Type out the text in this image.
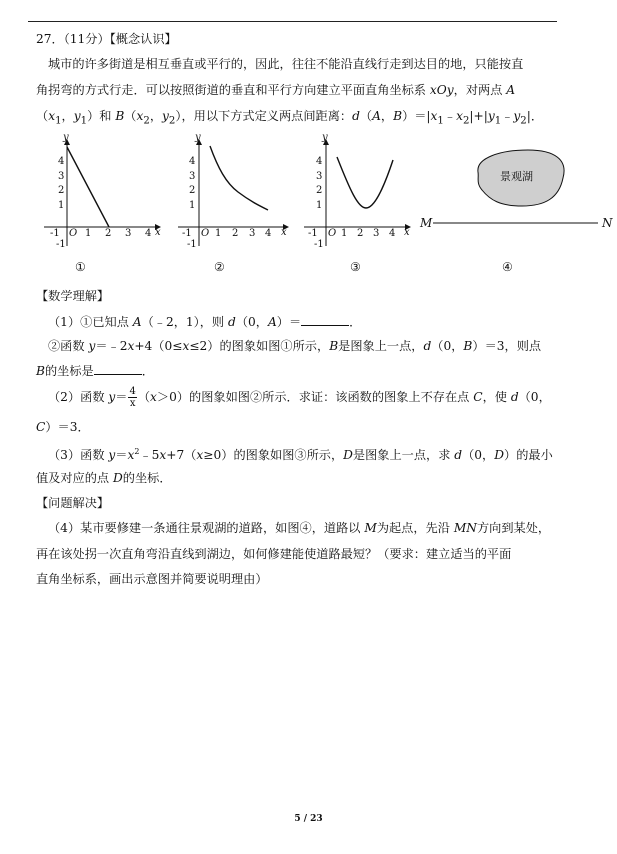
27．（11分）【概念认识】
城市的许多街道是相互垂直或平行的，因此，往往不能沿直线行走到达目的地，只能按直
角拐弯的方式行走．可以按照街道的垂直和平行方向建立平面直角坐标系 xOy，对两点 A
（$x_1$，$y_1$）和 $B(x_2$，$y_2$），用以下方式定义两点间距离：d（A，$B)=|x_1﹣x_2|+|y_1﹣y_2|$．
x
y
O
-1	1 2 3 4
4
3
2
1
-1
①
x
y
O
-1 1 2 3 4
4
3
2
1
-1
②
x
y
O
-1 1 2 3 4
4
3
2
1
-1
③
景观湖
M	N
④
【数学理解】
（1）①已知点 A（﹣2，1），则 d（0，A）＝	．
②函数 y＝﹣2x+4（0≤x≤2）的图象如图①所示，B是图象上一点，d（0，B）＝3，则点
B的坐标是	．
（2）函数 $y= \frac{4}{x} (x>0)$的图象如图②所示．求证：该函数的图象上不存在点 C，使 d（0，
C）＝3．
（3）函数 $y=x^2﹣5x+7(x\ge 0)$的图象如图③所示，D是图象上一点，求 d（0，D）的最小
值及对应的点 D的坐标．
【问题解决】
（4）某市要修建一条通往景观湖的道路，如图④，道路以 M为起点，先沿 MN方向到某处，
再在该处拐一次直角弯沿直线到湖边，如何修建能使道路最短？（要求：建立适当的平面
直角坐标系，画出示意图并简要说明理由）
5 / 23
